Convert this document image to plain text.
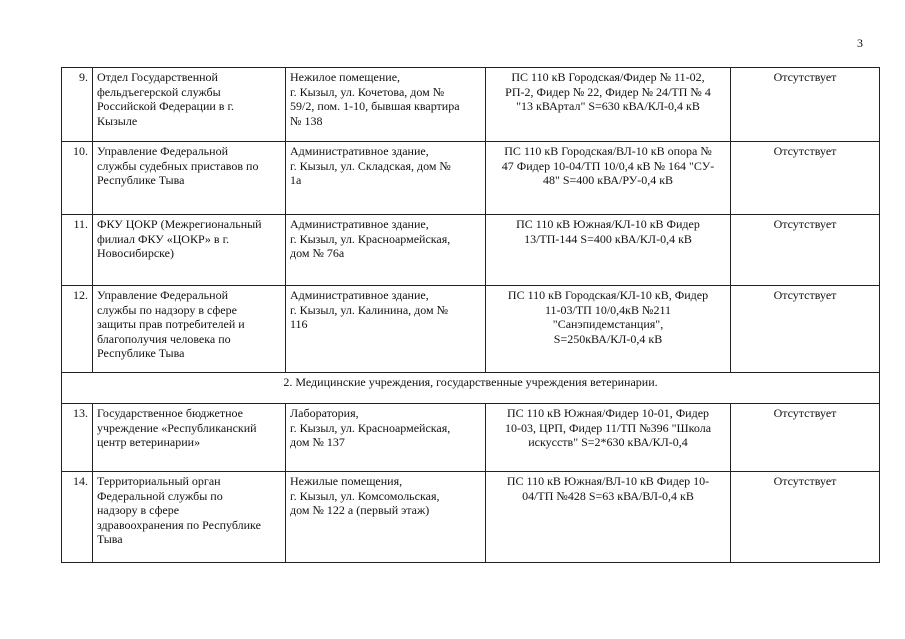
3
9.	Отдел Государственной
фельдъегерской службы
Российской Федерации в г.
Кызыле	Нежилое помещение,
г. Кызыл, ул. Кочетова, дом №
59/2, пом. 1-10, бывшая квартира
№ 138	ПС 110 кВ Городская/Фидер № 11-02,
РП-2, Фидер № 22, Фидер № 24/ТП № 4
"13 кВАртал" S=630 кВА/КЛ-0,4 кВ	Отсутствует
10.	Управление Федеральной
службы судебных приставов по
Республике Тыва	Административное здание,
г. Кызыл, ул. Складская, дом №
1а	ПС 110 кВ Городская/ВЛ-10 кВ опора №
47 Фидер 10-04/ТП 10/0,4 кВ № 164 "СУ-
48" S=400 кВА/РУ-0,4 кВ	Отсутствует
11.	ФКУ ЦОКР (Межрегиональный
филиал ФКУ «ЦОКР» в г.
Новосибирске)	Административное здание,
г. Кызыл, ул. Красноармейская,
дом № 76а	ПС 110 кВ Южная/КЛ-10 кВ Фидер
13/ТП-144 S=400 кВА/КЛ-0,4 кВ	Отсутствует
12.	Управление Федеральной
службы по надзору в сфере
защиты прав потребителей и
благополучия человека по
Республике Тыва	Административное здание,
г. Кызыл, ул. Калинина, дом №
116	ПС 110 кВ Городская/КЛ-10 кВ, Фидер
11-03/ТП 10/0,4кВ №211
"Санэпидемстанция",
S=250кВА/КЛ-0,4 кВ	Отсутствует
2. Медицинские учреждения, государственные учреждения ветеринарии.				
13.	Государственное бюджетное
учреждение «Республиканский
центр ветеринарии»	Лаборатория,
г. Кызыл, ул. Красноармейская,
дом № 137	ПС 110 кВ Южная/Фидер 10-01, Фидер
10-03, ЦРП, Фидер 11/ТП №396 "Школа
искусств" S=2*630 кВА/КЛ-0,4	Отсутствует
14.	Территориальный орган
Федеральной службы по
надзору в сфере
здравоохранения по Республике
Тыва	Нежилые помещения,
г. Кызыл, ул. Комсомольская,
дом № 122 а (первый этаж)	ПС 110 кВ Южная/ВЛ-10 кВ Фидер 10-
04/ТП №428 S=63 кВА/ВЛ-0,4 кВ	Отсутствует
